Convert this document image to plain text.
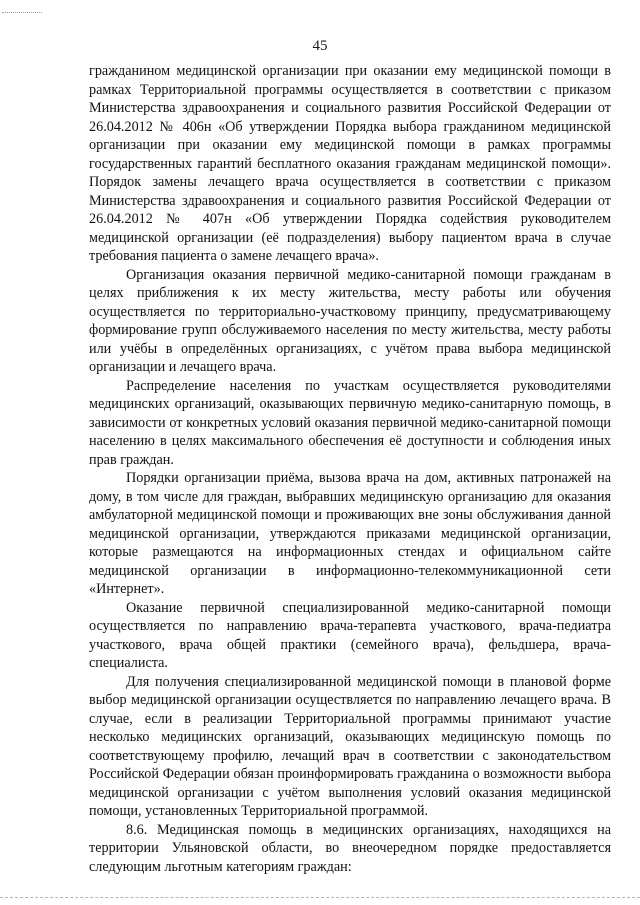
45

гражданином медицинской организации при оказании ему медицинской помощи в рамках Территориальной программы осуществляется в соответствии с приказом Министерства здравоохранения и социального развития Российской Федерации от 26.04.2012 № 406н «Об утверждении Порядка выбора гражданином медицинской организации при оказании ему медицинской помощи в рамках программы государственных гарантий бесплатного оказания гражданам медицинской помощи». Порядок замены лечащего врача осуществляется в соответствии с приказом Министерства здравоохранения и социального развития Российской Федерации от 26.04.2012 № 407н «Об утверждении Порядка содействия руководителем медицинской организации (её подразделения) выбору пациентом врача в случае требования пациента о замене лечащего врача».

Организация оказания первичной медико-санитарной помощи гражданам в целях приближения к их месту жительства, месту работы или обучения осуществляется по территориально-участковому принципу, предусматривающему формирование групп обслуживаемого населения по месту жительства, месту работы или учёбы в определённых организациях, с учётом права выбора медицинской организации и лечащего врача.

Распределение населения по участкам осуществляется руководителями медицинских организаций, оказывающих первичную медико-санитарную помощь, в зависимости от конкретных условий оказания первичной медико-санитарной помощи населению в целях максимального обеспечения её доступности и соблюдения иных прав граждан.

Порядки организации приёма, вызова врача на дом, активных патронажей на дому, в том числе для граждан, выбравших медицинскую организацию для оказания амбулаторной медицинской помощи и проживающих вне зоны обслуживания данной медицинской организации, утверждаются приказами медицинской организации, которые размещаются на информационных стендах и официальном сайте медицинской организации в информационно-телекоммуникационной сети «Интернет».

Оказание первичной специализированной медико-санитарной помощи осуществляется по направлению врача-терапевта участкового, врача-педиатра участкового, врача общей практики (семейного врача), фельдшера, врача-специалиста.

Для получения специализированной медицинской помощи в плановой форме выбор медицинской организации осуществляется по направлению лечащего врача. В случае, если в реализации Территориальной программы принимают участие несколько медицинских организаций, оказывающих медицинскую помощь по соответствующему профилю, лечащий врач в соответствии с законодательством Российской Федерации обязан проинформировать гражданина о возможности выбора медицинской организации с учётом выполнения условий оказания медицинской помощи, установленных Территориальной программой.

8.6. Медицинская помощь в медицинских организациях, находящихся на территории Ульяновской области, во внеочередном порядке предоставляется следующим льготным категориям граждан:
